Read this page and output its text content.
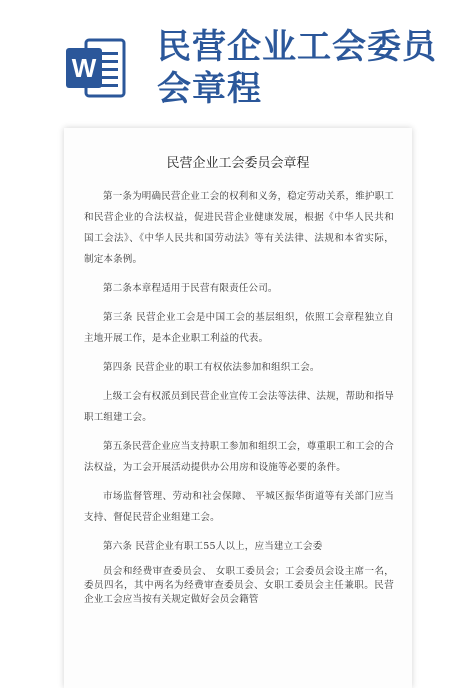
W
民营企业工会委员会章程
民营企业工会委员会章程

第一条为明确民营企业工会的权利和义务，稳定劳动关系，维护职工和民营企业的合法权益，促进民营企业健康发展，根据《中华人民共和国工会法》、《中华人民共和国劳动法》等有关法律、法规和本省实际，制定本条例。

第二条本章程适用于民营有限责任公司。

第三条 民营企业工会是中国工会的基层组织，依照工会章程独立自主地开展工作，是本企业职工利益的代表。

第四条 民营企业的职工有权依法参加和组织工会。

上级工会有权派员到民营企业宣传工会法等法律、法规，帮助和指导职工组建工会。

第五条民营企业应当支持职工参加和组织工会，尊重职工和工会的合法权益，为工会开展活动提供办公用房和设施等必要的条件。

市场监督管理、劳动和社会保障、 平城区振华街道等有关部门应当支持、督促民营企业组建工会。

第六条 民营企业有职工55人以上，应当建立工会委

员会和经费审查委员会、 女职工委员会；工会委员会设主席一名，委员四名，其中两名为经费审查委员会、女职工委员会主任兼职。民营企业工会应当按有关规定做好会员会籍管
